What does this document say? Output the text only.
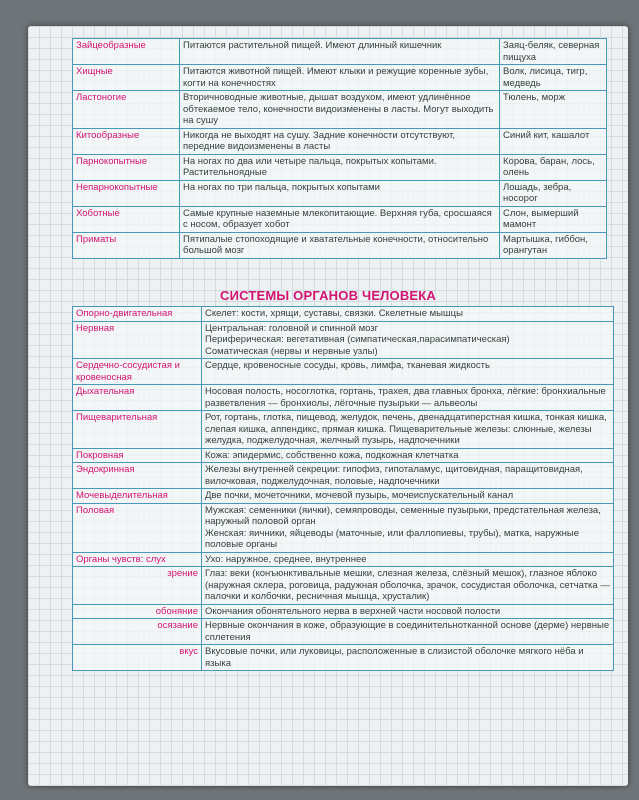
Зайцеобразные	Питаются растительной пищей. Имеют длинный кишечник	Заяц-беляк, северная пищуха
Хищные	Питаются животной пищей. Имеют клыки и режущие коренные зубы, когти на конечностях	Волк, лисица, тигр, медведь
Ластоногие	Вторичноводные животные, дышат воздухом, имеют удлинённое обтекаемое тело, конечности видоизменены в ласты. Могут выходить на сушу	Тюлень, морж
Китообразные	Никогда не выходят на сушу. Задние конечности отсутствуют, передние видоизменены в ласты	Синий кит, кашалот
Парнокопытные	На ногах по два или четыре пальца, покрытых копытами. Растительноядные	Корова, баран, лось, олень
Непарнокопытные	На ногах по три пальца, покрытых копытами	Лошадь, зебра, носорог
Хоботные	Самые крупные наземные млекопитающие. Верхняя губа, сросшаяся с носом, образует хобот	Слон, вымерший мамонт
Приматы	Пятипалые стопоходящие и хватательные конечности, относительно большой мозг	Мартышка, гиббон, орангутан
СИСТЕМЫ ОРГАНОВ ЧЕЛОВЕКА
Опорно-двигательная	Скелет: кости, хрящи, суставы, связки. Скелетные мышцы
Нервная	Центральная: головной и спинной мозг
Периферическая: вегетативная (симпатическая,парасимпатическая)
Соматическая (нервы и нервные узлы)
Сердечно-сосудистая и кровеносная	Сердце, кровеносные сосуды, кровь, лимфа, тканевая жидкость
Дыхательная	Носовая полость, носоглотка, гортань, трахея, два главных бронха, лёгкие: бронхиальные разветвления — бронхиолы, лёгочные пузырьки — альвеолы
Пищеварительная	Рот, гортань, глотка, пищевод, желудок, печень, двенадцатиперстная кишка, тонкая кишка, слепая кишка, аппендикс, прямая кишка. Пищеварительные железы: слюнные, железы желудка, поджелудочная, желчный пузырь, надпочечники
Покровная	Кожа: эпидермис, собственно кожа, подкожная клетчатка
Эндокринная	Железы внутренней секреции: гипофиз, гипоталамус, щитовидная, паращитовидная, вилочковая, поджелудочная, половые, надпочечники
Мочевыделительная	Две почки, мочеточники, мочевой пузырь, мочеиспускательный канал
Половая	Мужская: семенники (яички), семяпроводы, семенные пузырьки, предстательная железа, наружный половой орган
Женская: яичники, яйцеводы (маточные, или фаллопиевы, трубы), матка, наружные половые органы
Органы чувств: слух	Ухо: наружное, среднее, внутреннее
зрение	Глаз: веки (конъюнктивальные мешки, слезная железа, слёзный мешок), глазное яблоко (наружная склера, роговица, радужная оболочка, зрачок, сосудистая оболочка, сетчатка — палочки и колбочки, ресничная мышца, хрусталик)
обоняние	Окончания обонятельного нерва в верхней части носовой полости
осязание	Нервные окончания в коже, образующие в соединительнотканной основе (дерме) нервные сплетения
вкус	Вкусовые почки, или луковицы, расположенные в слизистой оболочке мягкого нёба и языка
